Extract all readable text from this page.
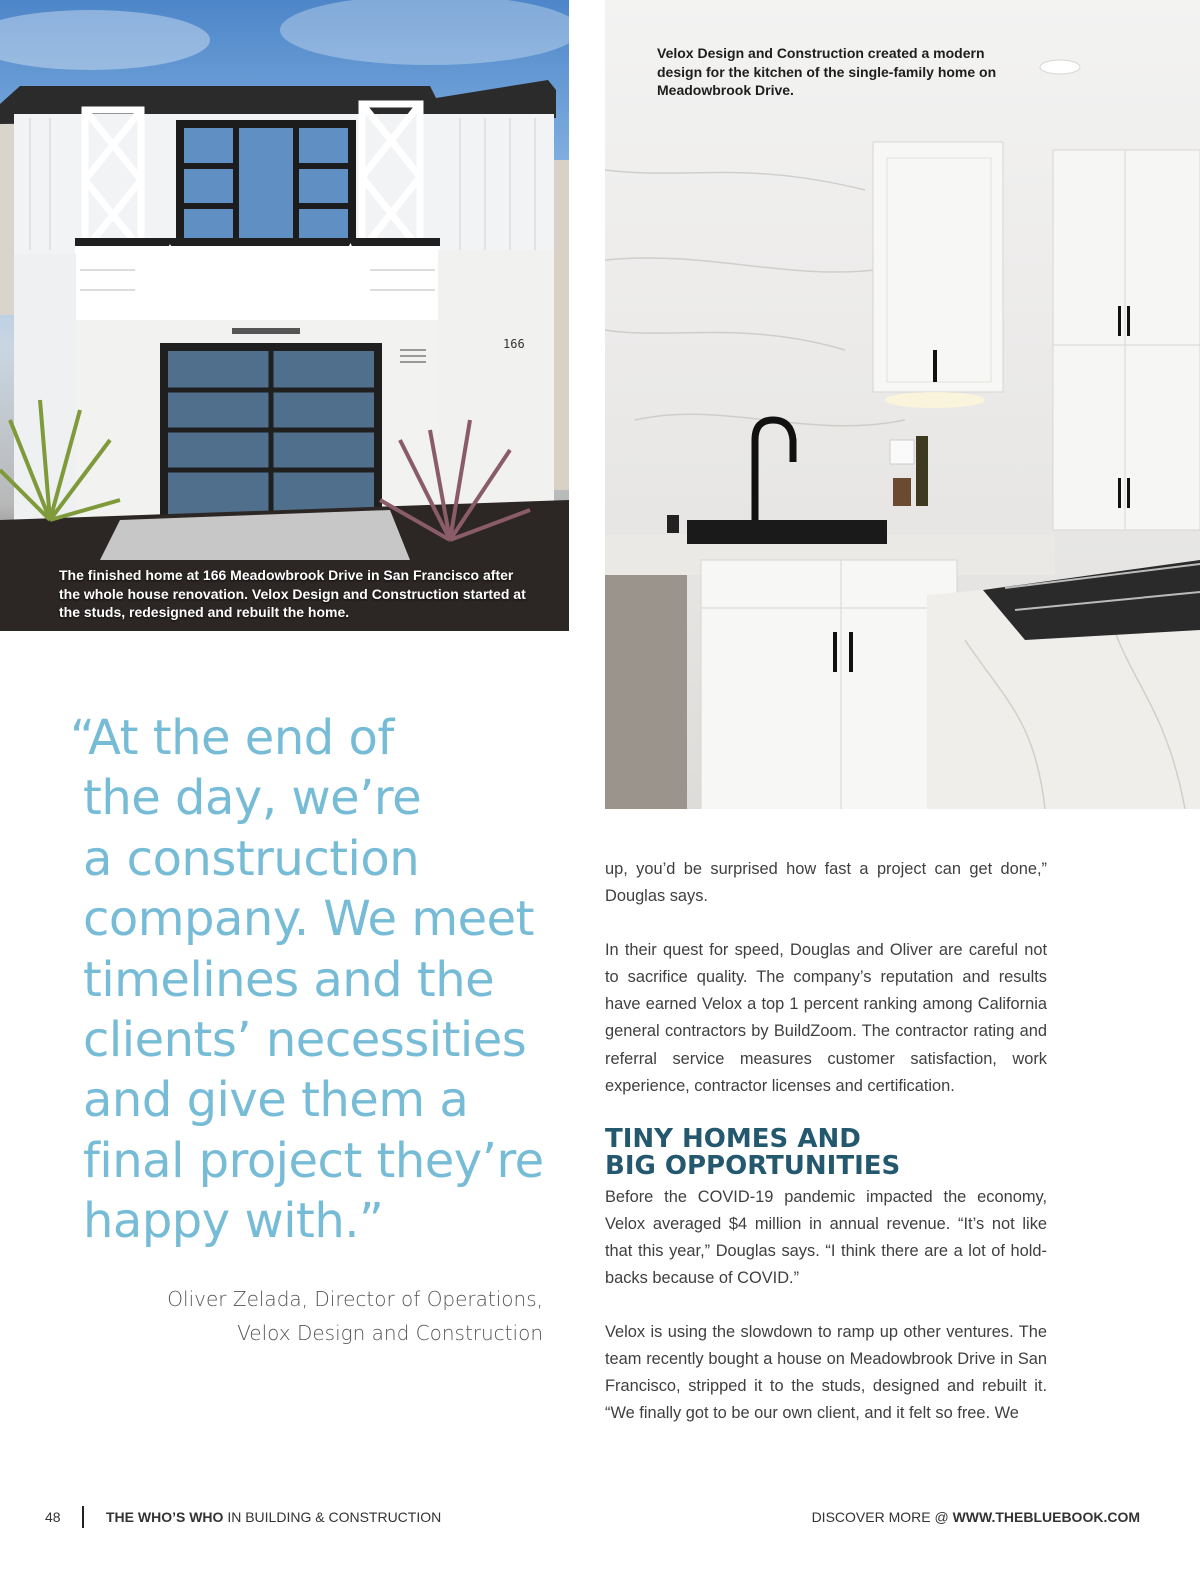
166
The finished home at 166 Meadowbrook Drive in San Francisco after the whole house renovation. Velox Design and Construction started at the studs, redesigned and rebuilt the home.
Velox Design and Construction created a modern design for the kitchen of the single-family home on Meadowbrook Drive.
“At the end of
the day, we’re
a construction
company. We meet
timelines and the
clients’ necessities
and give them a
final project they’re
happy with.”
Oliver Zelada, Director of Operations,
Velox Design and Construction

up, you’d be surprised how fast a project can get done,” Douglas says.

In their quest for speed, Douglas and Oliver are careful not to sacrifice quality. The company’s reputation and results have earned Velox a top 1 percent ranking among California general contractors by BuildZoom. The contractor rating and referral service measures customer satisfaction, work experience, contractor licenses and certification.

TINY HOMES AND
BIG OPPORTUNITIES

Before the COVID-19 pandemic impacted the economy, Velox averaged $4 million in annual revenue. “It’s not like that this year,” Douglas says. “I think there are a lot of hold-backs because of COVID.”

Velox is using the slowdown to ramp up other ventures. The team recently bought a house on Meadowbrook Drive in San Francisco, stripped it to the studs, designed and rebuilt it. “We finally got to be our own client, and it felt so free. We

48	THE WHO’S WHO IN BUILDING & CONSTRUCTION	DISCOVER MORE @ WWW.THEBLUEBOOK.COM
